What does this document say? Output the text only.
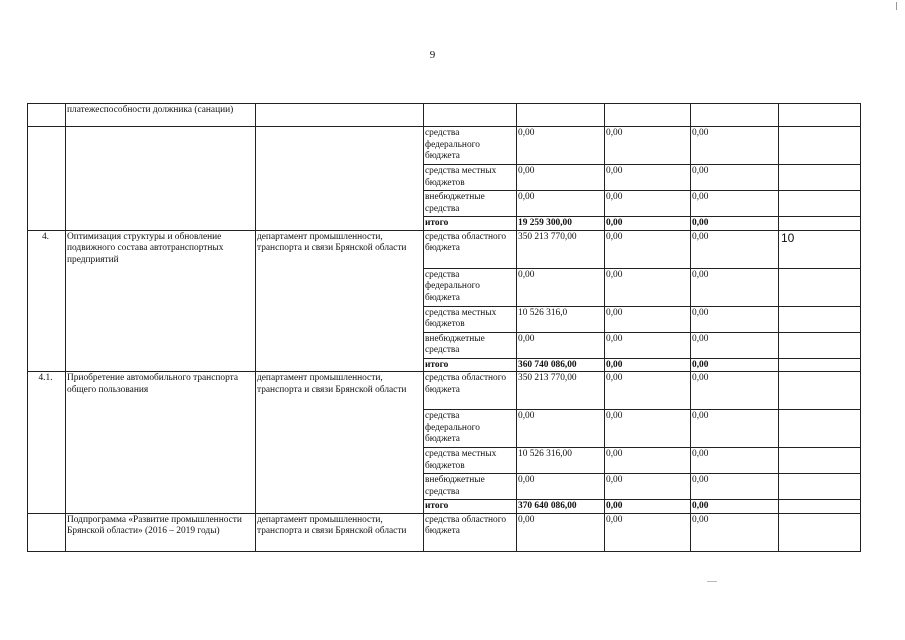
9
	платежеспособности должника (санации)						
			средства федерального бюджета	0,00	0,00	0,00	
			средства местных бюджетов	0,00	0,00	0,00	
			внебюджетные средства	0,00	0,00	0,00	
			итого	19 259 300,00	0,00	0,00	
4.	Оптимизация структуры и обновление подвижного состава автотранспортных предприятий	департамент промышленности, транспорта и связи Брянской области	средства областного бюджета	350 213 770,00	0,00	0,00	10
			средства федерального бюджета	0,00	0,00	0,00	
			средства местных бюджетов	10 526 316,0	0,00	0,00	
			внебюджетные средства	0,00	0,00	0,00	
			итого	360 740 086,00	0,00	0,00	
4.1.	Приобретение автомобильного транспорта общего пользования	департамент промышленности, транспорта и связи Брянской области	средства областного бюджета	350 213 770,00	0,00	0,00	
			средства федерального бюджета	0,00	0,00	0,00	
			средства местных бюджетов	10 526 316,00	0,00	0,00	
			внебюджетные средства	0,00	0,00	0,00	
			итого	370 640 086,00	0,00	0,00	
	Подпрограмма «Развитие промышленности Брянской области» (2016 – 2019 годы)	департамент промышленности, транспорта и связи Брянской области	средства областного бюджета	0,00	0,00	0,00	
